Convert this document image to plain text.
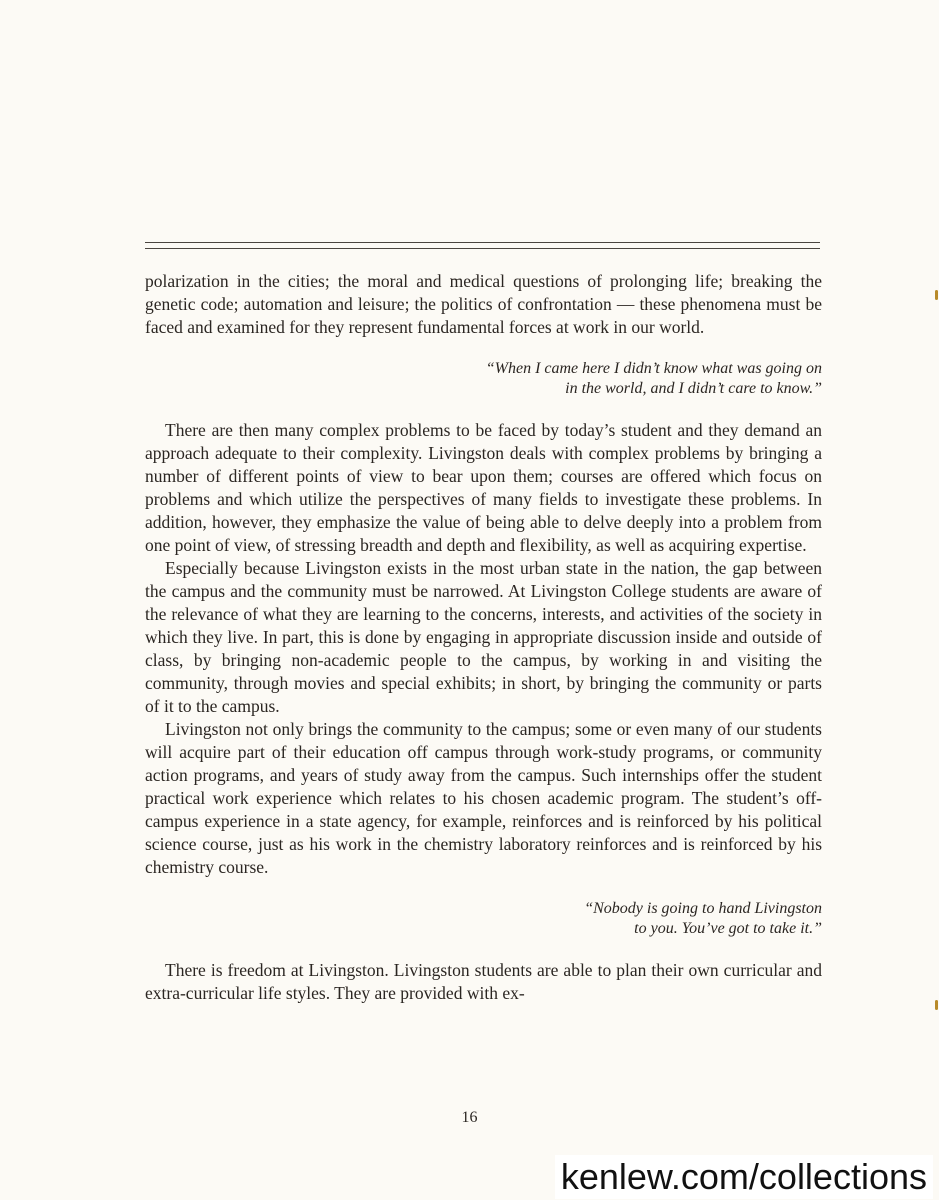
polarization in the cities; the moral and medical questions of prolonging life; breaking the genetic code; automation and leisure; the politics of confrontation — these phenomena must be faced and examined for they represent fundamental forces at work in our world.

“When I came here I didn’t know what was going on
in the world, and I didn’t care to know.”

There are then many complex problems to be faced by today’s student and they demand an approach adequate to their complexity. Livingston deals with complex problems by bringing a number of different points of view to bear upon them; courses are offered which focus on problems and which utilize the perspectives of many fields to investigate these problems. In addition, however, they emphasize the value of being able to delve deeply into a problem from one point of view, of stressing breadth and depth and flexibility, as well as acquiring expertise.

Especially because Livingston exists in the most urban state in the nation, the gap between the campus and the community must be narrowed. At Livingston College students are aware of the relevance of what they are learning to the concerns, interests, and activities of the society in which they live. In part, this is done by engaging in appropriate discussion inside and outside of class, by bringing non-academic people to the campus, by working in and visiting the community, through movies and special exhibits; in short, by bringing the community or parts of it to the campus.

Livingston not only brings the community to the campus; some or even many of our students will acquire part of their education off campus through work-study programs, or community action programs, and years of study away from the campus. Such internships offer the student practical work experience which relates to his chosen academic program. The student’s off-campus experience in a state agency, for example, reinforces and is reinforced by his political science course, just as his work in the chemistry laboratory reinforces and is reinforced by his chemistry course.

“Nobody is going to hand Livingston
to you. You’ve got to take it.”

There is freedom at Livingston. Livingston students are able to plan their own curricular and extra-curricular life styles. They are provided with ex-

16
kenlew.com/collections
